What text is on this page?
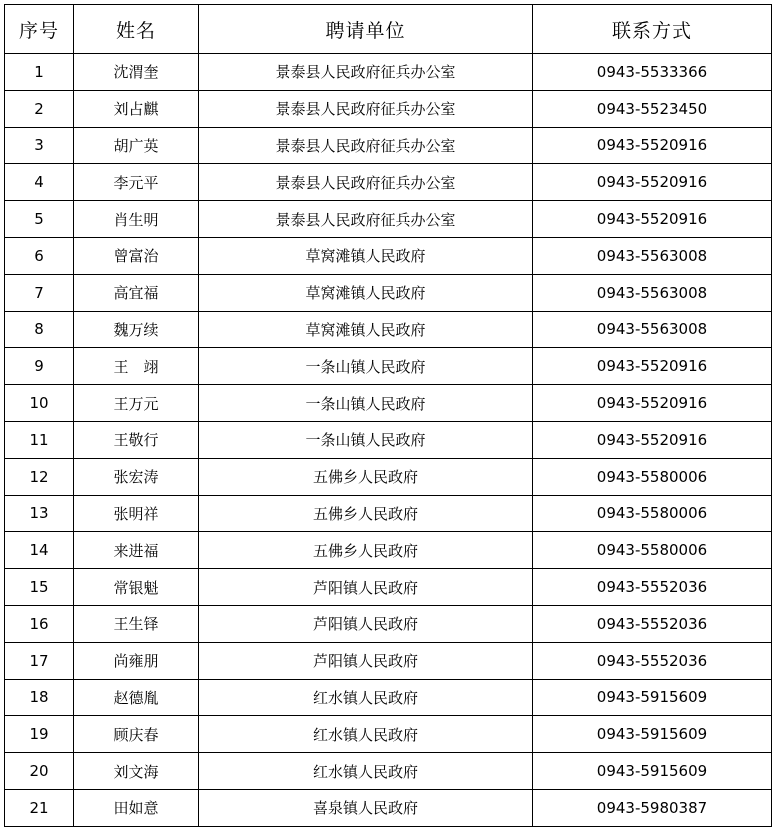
序号	姓名	聘请单位	联系方式
1	沈渭奎	景泰县人民政府征兵办公室	0943-5533366
2	刘占麒	景泰县人民政府征兵办公室	0943-5523450
3	胡广英	景泰县人民政府征兵办公室	0943-5520916
4	李元平	景泰县人民政府征兵办公室	0943-5520916
5	肖生明	景泰县人民政府征兵办公室	0943-5520916
6	曾富治	草窝滩镇人民政府	0943-5563008
7	高宜福	草窝滩镇人民政府	0943-5563008
8	魏万续	草窝滩镇人民政府	0943-5563008
9	王　翊	一条山镇人民政府	0943-5520916
10	王万元	一条山镇人民政府	0943-5520916
11	王敬行	一条山镇人民政府	0943-5520916
12	张宏涛	五佛乡人民政府	0943-5580006
13	张明祥	五佛乡人民政府	0943-5580006
14	来进福	五佛乡人民政府	0943-5580006
15	常银魁	芦阳镇人民政府	0943-5552036
16	王生铎	芦阳镇人民政府	0943-5552036
17	尚雍朋	芦阳镇人民政府	0943-5552036
18	赵德胤	红水镇人民政府	0943-5915609
19	顾庆春	红水镇人民政府	0943-5915609
20	刘文海	红水镇人民政府	0943-5915609
21	田如意	喜泉镇人民政府	0943-5980387
